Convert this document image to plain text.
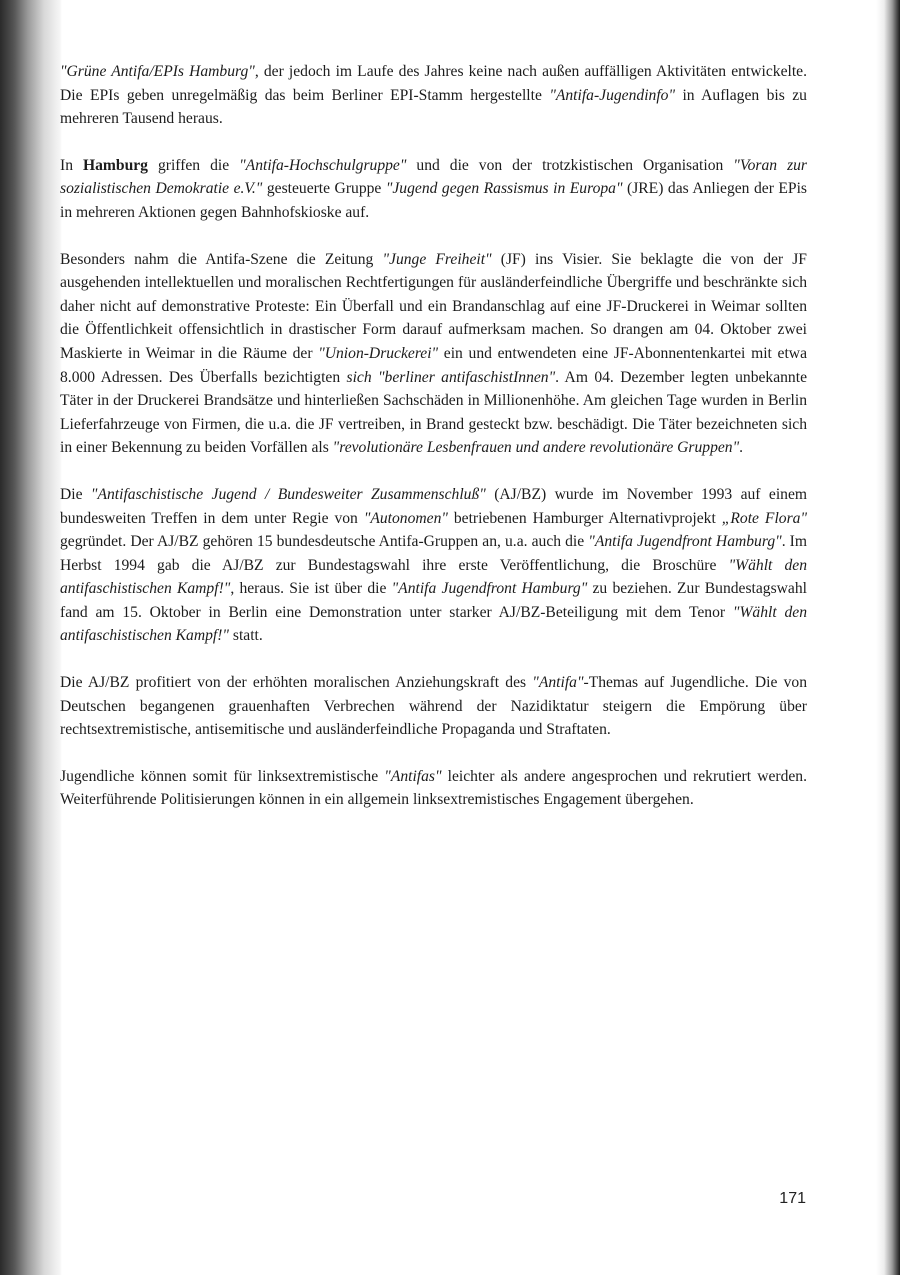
"Grüne Antifa/EPIs Hamburg", der jedoch im Laufe des Jahres keine nach außen auffälligen Aktivitäten entwickelte. Die EPIs geben unregelmäßig das beim Berliner EPI-Stamm hergestellte "Antifa-Jugendinfo" in Auflagen bis zu mehreren Tausend heraus.

In Hamburg griffen die "Antifa-Hochschulgruppe" und die von der trotzkistischen Organisation "Voran zur sozialistischen Demokratie e.V." gesteuerte Gruppe "Jugend gegen Rassismus in Europa" (JRE) das Anliegen der EPis in mehreren Aktionen gegen Bahnhofskioske auf.

Besonders nahm die Antifa-Szene die Zeitung "Junge Freiheit" (JF) ins Visier. Sie beklagte die von der JF ausgehenden intellektuellen und moralischen Rechtfertigungen für ausländerfeindliche Übergriffe und beschränkte sich daher nicht auf demonstrative Proteste: Ein Überfall und ein Brandanschlag auf eine JF-Druckerei in Weimar sollten die Öffentlichkeit offensichtlich in drastischer Form darauf aufmerksam machen. So drangen am 04. Oktober zwei Maskierte in Weimar in die Räume der "Union-Druckerei" ein und entwendeten eine JF-Abonnentenkartei mit etwa 8.000 Adressen. Des Überfalls bezichtigten sich "berliner antifaschistInnen". Am 04. Dezember legten unbekannte Täter in der Druckerei Brandsätze und hinterließen Sachschäden in Millionenhöhe. Am gleichen Tage wurden in Berlin Lieferfahrzeuge von Firmen, die u.a. die JF vertreiben, in Brand gesteckt bzw. beschädigt. Die Täter bezeichneten sich in einer Bekennung zu beiden Vorfällen als "revolutionäre Lesbenfrauen und andere revolutionäre Gruppen".

Die "Antifaschistische Jugend / Bundesweiter Zusammenschluß" (AJ/BZ) wurde im November 1993 auf einem bundesweiten Treffen in dem unter Regie von "Autonomen" betriebenen Hamburger Alternativprojekt „Rote Flora" gegründet. Der AJ/BZ gehören 15 bundesdeutsche Antifa-Gruppen an, u.a. auch die "Antifa Jugendfront Hamburg". Im Herbst 1994 gab die AJ/BZ zur Bundestagswahl ihre erste Veröffentlichung, die Broschüre "Wählt den antifaschistischen Kampf!", heraus. Sie ist über die "Antifa Jugendfront Hamburg" zu beziehen. Zur Bundestagswahl fand am 15. Oktober in Berlin eine Demonstration unter starker AJ/BZ-Beteiligung mit dem Tenor "Wählt den antifaschistischen Kampf!" statt.

Die AJ/BZ profitiert von der erhöhten moralischen Anziehungskraft des "Antifa"-Themas auf Jugendliche. Die von Deutschen begangenen grauenhaften Verbrechen während der Nazidiktatur steigern die Empörung über rechtsextremistische, antisemitische und ausländerfeindliche Propaganda und Straftaten.

Jugendliche können somit für linksextremistische "Antifas" leichter als andere angesprochen und rekrutiert werden. Weiterführende Politisierungen können in ein allgemein linksextremistisches Engagement übergehen.

171
